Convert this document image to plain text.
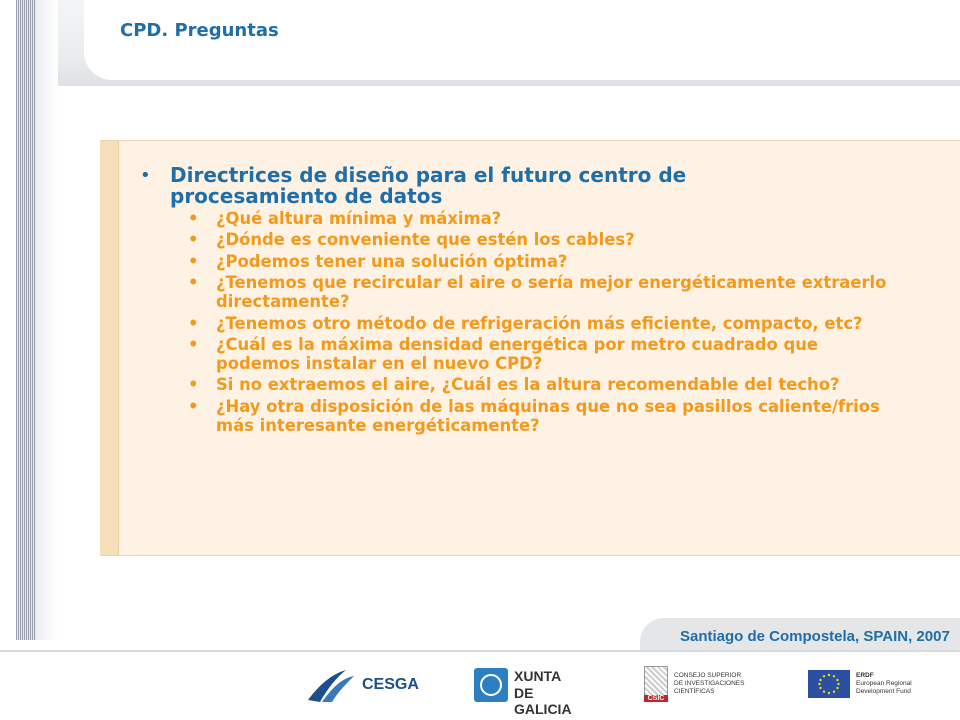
CPD. Preguntas
• Directrices de diseño para el futuro centro de procesamiento de datos
• ¿Qué altura mínima y máxima?
• ¿Dónde es conveniente que estén los cables?
• ¿Podemos tener una solución óptima?
• ¿Tenemos que recircular el aire o sería mejor energéticamente extraerlo directamente?
• ¿Tenemos otro método de refrigeración más eficiente, compacto, etc?
• ¿Cuál es la máxima densidad energética por metro cuadrado que podemos instalar en el nuevo CPD?
• Si no extraemos el aire, ¿Cuál es la altura recomendable del techo?
• ¿Hay otra disposición de las máquinas que no sea pasillos caliente/frios más interesante energéticamente?
Santiago de Compostela, SPAIN, 2007
CESGA	XUNTA
DE GALICIA
CSIC
CONSEJO SUPERIOR
DE INVESTIGACIONES
CIENTÍFICAS
ERDF
European Regional
Development Fund
